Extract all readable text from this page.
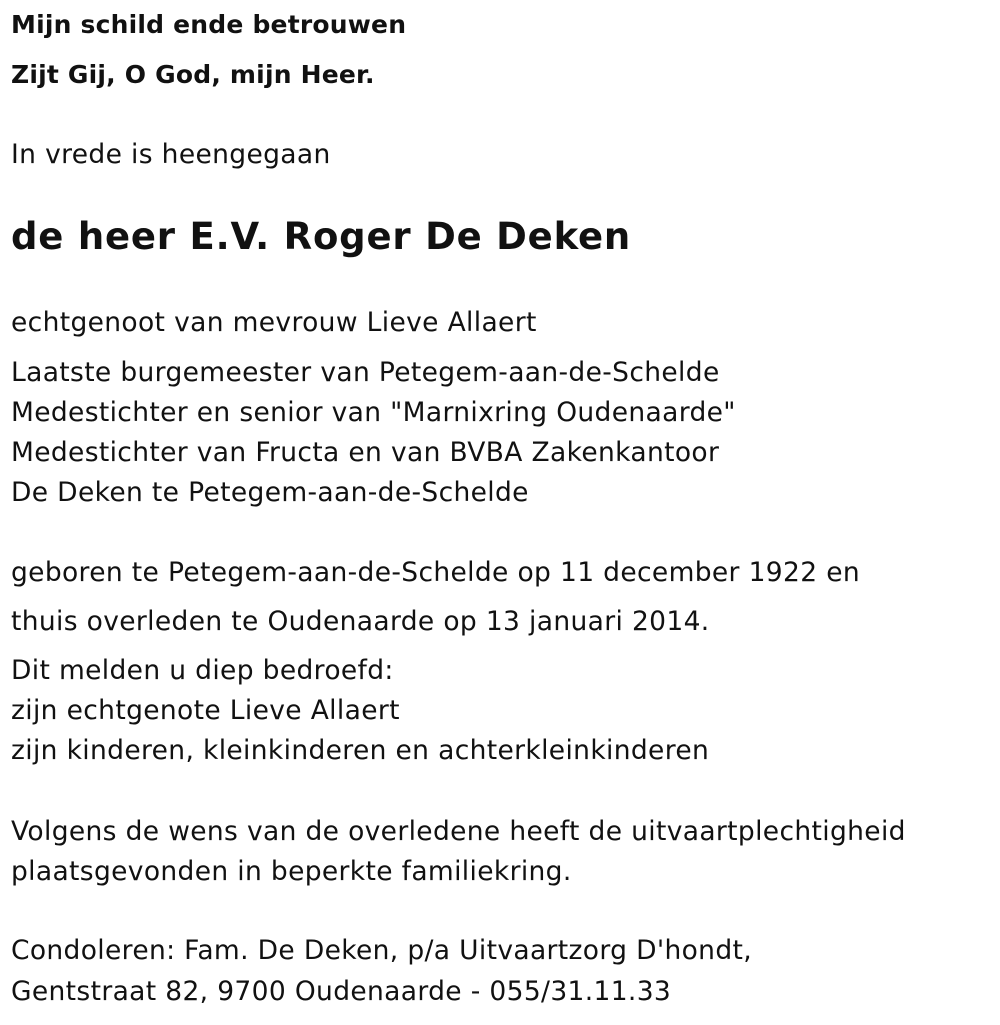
Mijn schild ende betrouwen
Zijt Gij, O God, mijn Heer.
In vrede is heengegaan
de heer E.V. Roger De Deken
echtgenoot van mevrouw Lieve Allaert
Laatste burgemeester van Petegem-aan-de-Schelde
Medestichter en senior van "Marnixring Oudenaarde"
Medestichter van Fructa en van BVBA Zakenkantoor
De Deken te Petegem-aan-de-Schelde
geboren te Petegem-aan-de-Schelde op 11 december 1922 en
thuis overleden te Oudenaarde op 13 januari 2014.
Dit melden u diep bedroefd:
zijn echtgenote Lieve Allaert
zijn kinderen, kleinkinderen en achterkleinkinderen
Volgens de wens van de overledene heeft de uitvaartplechtigheid
plaatsgevonden in beperkte familiekring.
Condoleren: Fam. De Deken, p/a Uitvaartzorg D'hondt,
Gentstraat 82, 9700 Oudenaarde - 055/31.11.33
